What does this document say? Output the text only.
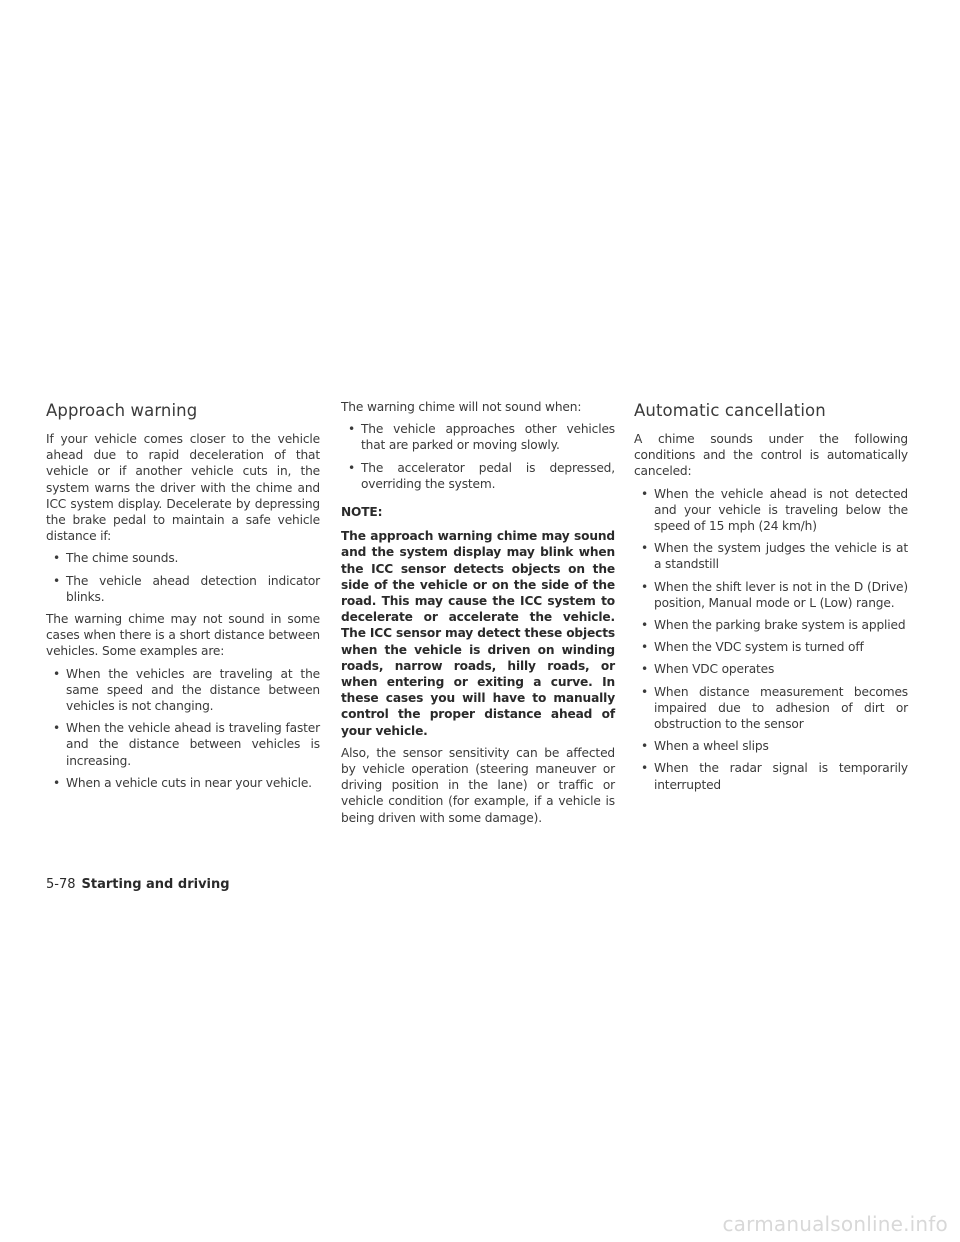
Approach warning

If your vehicle comes closer to the vehicle ahead due to rapid deceleration of that vehicle or if another vehicle cuts in, the system warns the driver with the chime and ICC system display. Decelerate by depressing the brake pedal to maintain a safe vehicle distance if:

• The chime sounds.
• The vehicle ahead detection indicator blinks.

The warning chime may not sound in some cases when there is a short distance between vehicles. Some examples are:

• When the vehicles are traveling at the same speed and the distance between vehicles is not changing.
• When the vehicle ahead is traveling faster and the distance between vehicles is increasing.
• When a vehicle cuts in near your vehicle.

The warning chime will not sound when:

• The vehicle approaches other vehicles that are parked or moving slowly.
• The accelerator pedal is depressed, overriding the system.

NOTE:

The approach warning chime may sound and the system display may blink when the ICC sensor detects objects on the side of the vehicle or on the side of the road. This may cause the ICC system to decelerate or accelerate the vehicle. The ICC sensor may detect these objects when the vehicle is driven on winding roads, narrow roads, hilly roads, or when entering or exiting a curve. In these cases you will have to manually control the proper distance ahead of your vehicle.

Also, the sensor sensitivity can be affected by vehicle operation (steering maneuver or driving position in the lane) or traffic or vehicle condition (for example, if a vehicle is being driven with some damage).

Automatic cancellation

A chime sounds under the following conditions and the control is automatically canceled:

• When the vehicle ahead is not detected and your vehicle is traveling below the speed of 15 mph (24 km/h)
• When the system judges the vehicle is at a standstill
• When the shift lever is not in the D (Drive) position, Manual mode or L (Low) range.
• When the parking brake system is applied
• When the VDC system is turned off
• When VDC operates
• When distance measurement becomes impaired due to adhesion of dirt or obstruction to the sensor
• When a wheel slips
• When the radar signal is temporarily interrupted
5-78 Starting and driving
carmanualsonline.info
